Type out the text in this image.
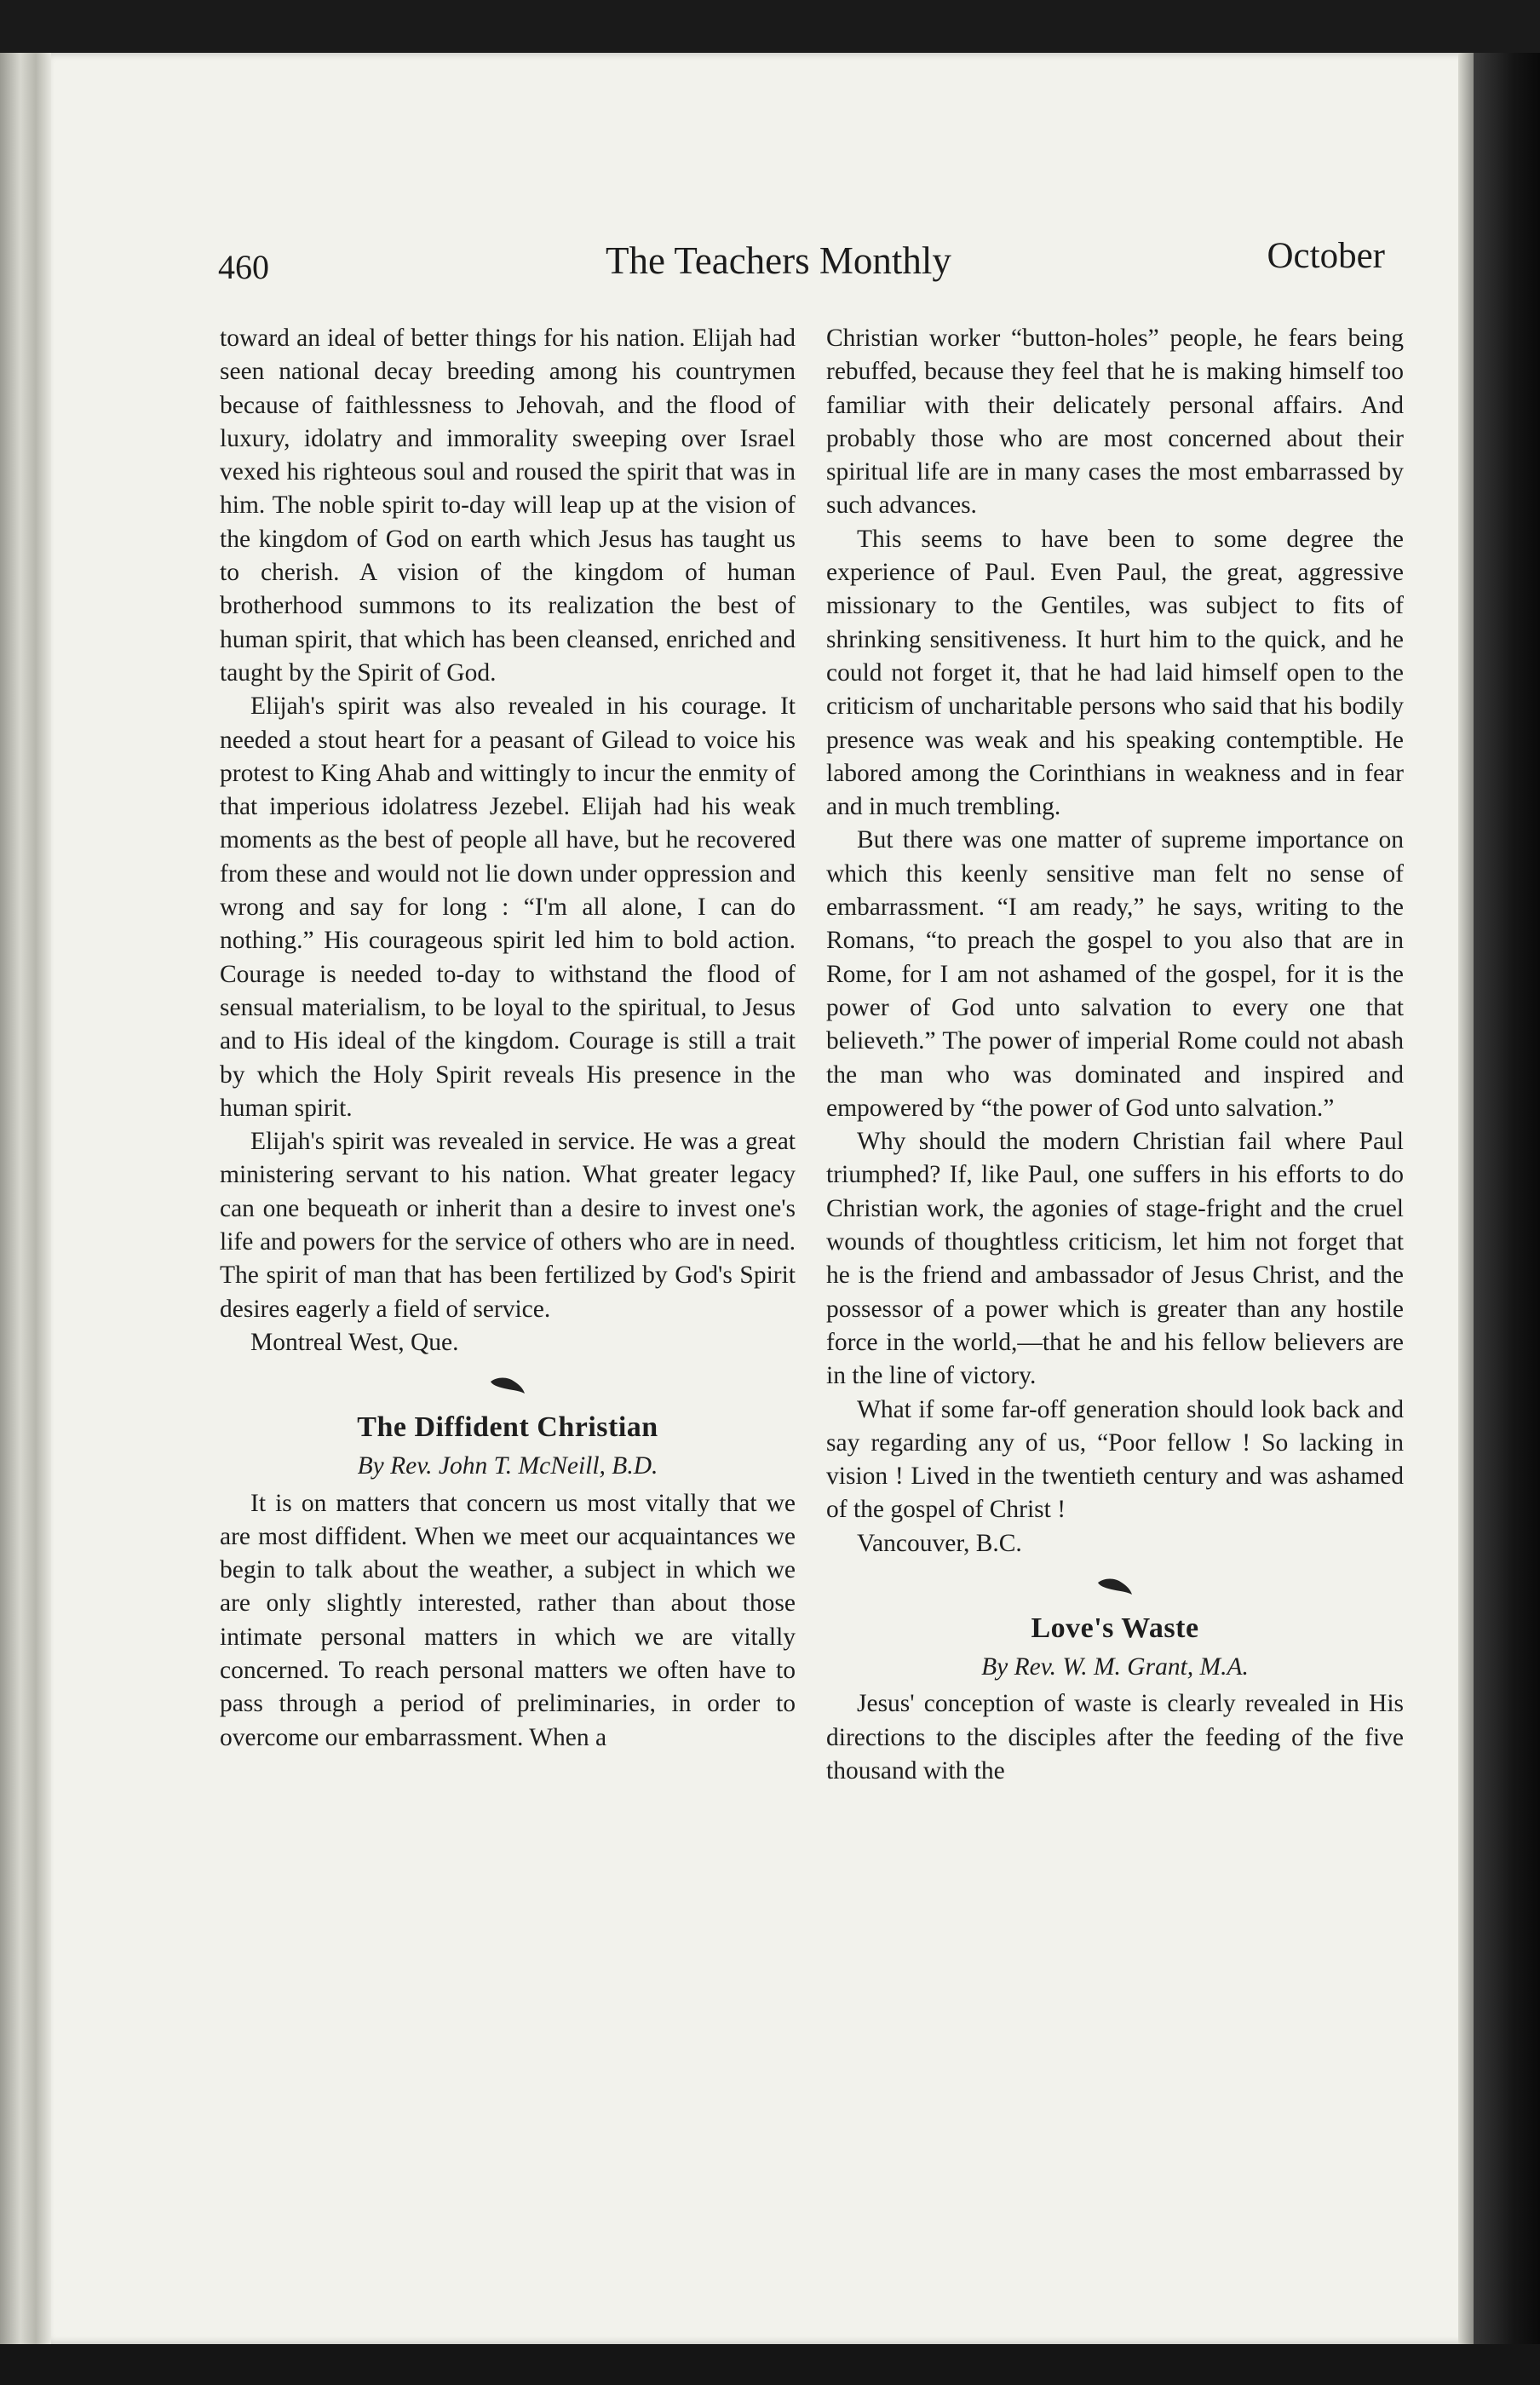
460	The Teachers Monthly	October

toward an ideal of better things for his nation. Elijah had seen national decay breeding among his countrymen because of faithlessness to Jehovah, and the flood of luxury, idolatry and immorality sweeping over Israel vexed his righteous soul and roused the spirit that was in him. The noble spirit to-day will leap up at the vision of the kingdom of God on earth which Jesus has taught us to cherish. A vision of the kingdom of human brotherhood summons to its realization the best of human spirit, that which has been cleansed, enriched and taught by the Spirit of God.

Elijah's spirit was also revealed in his courage. It needed a stout heart for a peasant of Gilead to voice his protest to King Ahab and wittingly to incur the enmity of that imperious idolatress Jezebel. Elijah had his weak moments as the best of people all have, but he recovered from these and would not lie down under oppression and wrong and say for long : “I'm all alone, I can do nothing.” His courageous spirit led him to bold action. Courage is needed to-day to withstand the flood of sensual materialism, to be loyal to the spiritual, to Jesus and to His ideal of the kingdom. Courage is still a trait by which the Holy Spirit reveals His presence in the human spirit.

Elijah's spirit was revealed in service. He was a great ministering servant to his nation. What greater legacy can one bequeath or inherit than a desire to invest one's life and powers for the service of others who are in need. The spirit of man that has been fertilized by God's Spirit desires eagerly a field of service.

Montreal West, Que.

The Diffident Christian

By Rev. John T. McNeill, B.D.

It is on matters that concern us most vitally that we are most diffident. When we meet our acquaintances we begin to talk about the weather, a subject in which we are only slightly interested, rather than about those intimate personal matters in which we are vitally concerned. To reach personal matters we often have to pass through a period of preliminaries, in order to overcome our embarrassment. When a

Christian worker “button-holes” people, he fears being rebuffed, because they feel that he is making himself too familiar with their delicately personal affairs. And probably those who are most concerned about their spiritual life are in many cases the most embarrassed by such advances.

This seems to have been to some degree the experience of Paul. Even Paul, the great, aggressive missionary to the Gentiles, was subject to fits of shrinking sensitiveness. It hurt him to the quick, and he could not forget it, that he had laid himself open to the criticism of uncharitable persons who said that his bodily presence was weak and his speaking contemptible. He labored among the Corinthians in weakness and in fear and in much trembling.

But there was one matter of supreme importance on which this keenly sensitive man felt no sense of embarrassment. “I am ready,” he says, writing to the Romans, “to preach the gospel to you also that are in Rome, for I am not ashamed of the gospel, for it is the power of God unto salvation to every one that believeth.” The power of imperial Rome could not abash the man who was dominated and inspired and empowered by “the power of God unto salvation.”

Why should the modern Christian fail where Paul triumphed? If, like Paul, one suffers in his efforts to do Christian work, the agonies of stage-fright and the cruel wounds of thoughtless criticism, let him not forget that he is the friend and ambassador of Jesus Christ, and the possessor of a power which is greater than any hostile force in the world,—that he and his fellow believers are in the line of victory.

What if some far-off generation should look back and say regarding any of us, “Poor fellow ! So lacking in vision ! Lived in the twentieth century and was ashamed of the gospel of Christ !

Vancouver, B.C.

Love's Waste

By Rev. W. M. Grant, M.A.

Jesus' conception of waste is clearly revealed in His directions to the disciples after the feeding of the five thousand with the
